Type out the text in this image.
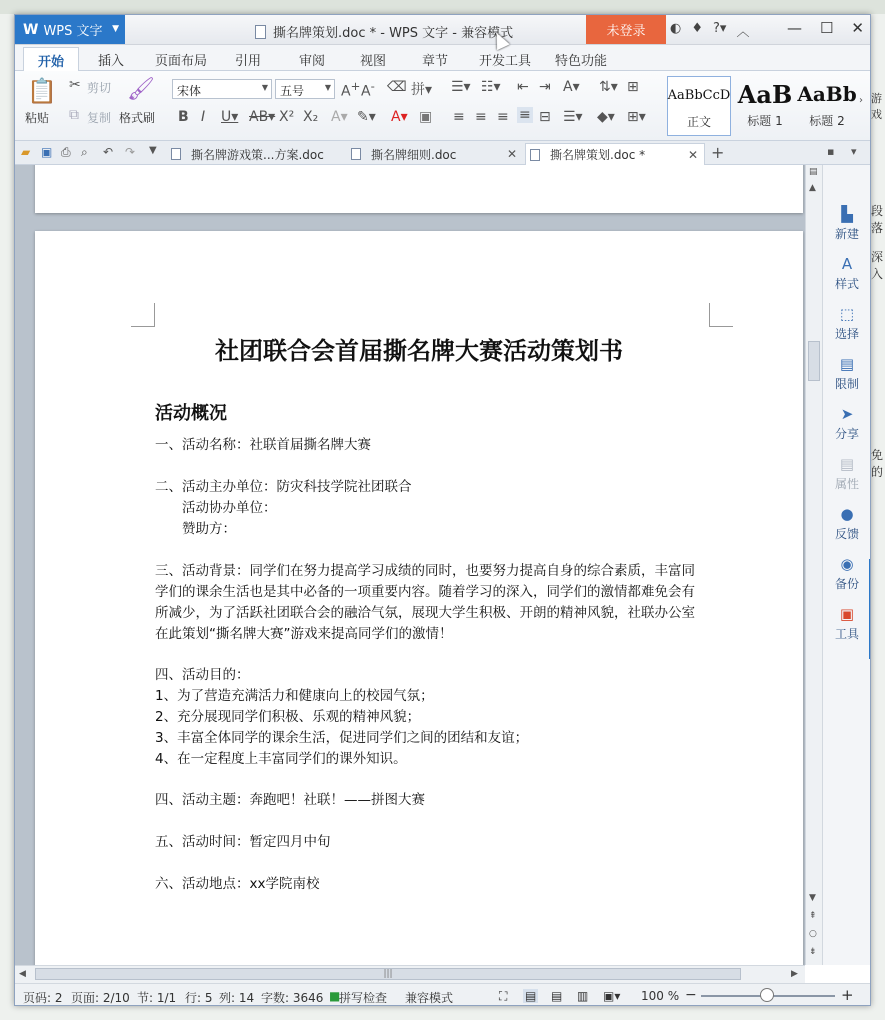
游戏
段落
深入
免的
W WPS 文字 ▼	撕名牌策划.doc * - WPS 文字 - 兼容模式	未登录	◐ ♦ ?▾ ︿	— ☐ ✕
开始	插入 页面布局 引用	审阅	视图	章节 开发工具 特色功能
📋
粘贴
✂ 剪切
⧉ 复制
🖌
格式刷
宋体	▼	五号	▼ A+ A- ⌫ 拼▾
B I U▾ AB▾ X² X₂ A▾ ✎▾ A▾ ▣
☰▾ ☷▾ ⇤ ⇥ A▾ ⇅▾ ⊞
≡ ≡ ≡ ≡ ⊟ ☰▾ ◆▾ ⊞▾
AaBbCcD
正文
AaB
标题 1
AaBb
标题 2
›
▰ ▣ ⎙ ⌕ ↶ ↷ ▼	撕名牌游戏策...方案.doc	撕名牌细则.doc	✕	撕名牌策划.doc *	✕ +	▪ ▾
社团联合会首届撕名牌大赛活动策划书
活动概况
一、活动名称：社联首届撕名牌大赛
二、活动主办单位：防灾科技学院社团联合
活动协办单位：
赞助方：
三、活动背景：同学们在努力提高学习成绩的同时，也要努力提高自身的综合素质，丰富同
学们的课余生活也是其中必备的一项重要内容。随着学习的深入，同学们的激情都难免会有
所减少，为了活跃社团联合会的融洽气氛，展现大学生积极、开朗的精神风貌，社联办公室
在此策划“撕名牌大赛”游戏来提高同学们的激情！
四、活动目的：
1、为了营造充满活力和健康向上的校园气氛；
2、充分展现同学们积极、乐观的精神风貌；
3、丰富全体同学的课余生活，促进同学们之间的团结和友谊；
4、在一定程度上丰富同学们的课外知识。
四、活动主题：奔跑吧！社联！——拼图大赛
五、活动时间：暂定四月中旬
六、活动地点：xx学院南校
▤
▲
▼
⇞
○
⇟
▙
新建
A
样式
⬚
选择
▤
限制
➤
分享
▤
属性
●
反馈
◉
备份
▣
工具
◀	|||	▶
页码: 2 页面: 2/10 节: 1/1 行: 5 列: 14 字数: 3646 ■
拼写检查 兼容模式	⛶ ▤ ▤ ▥ ▣▾ 100 % −	+
